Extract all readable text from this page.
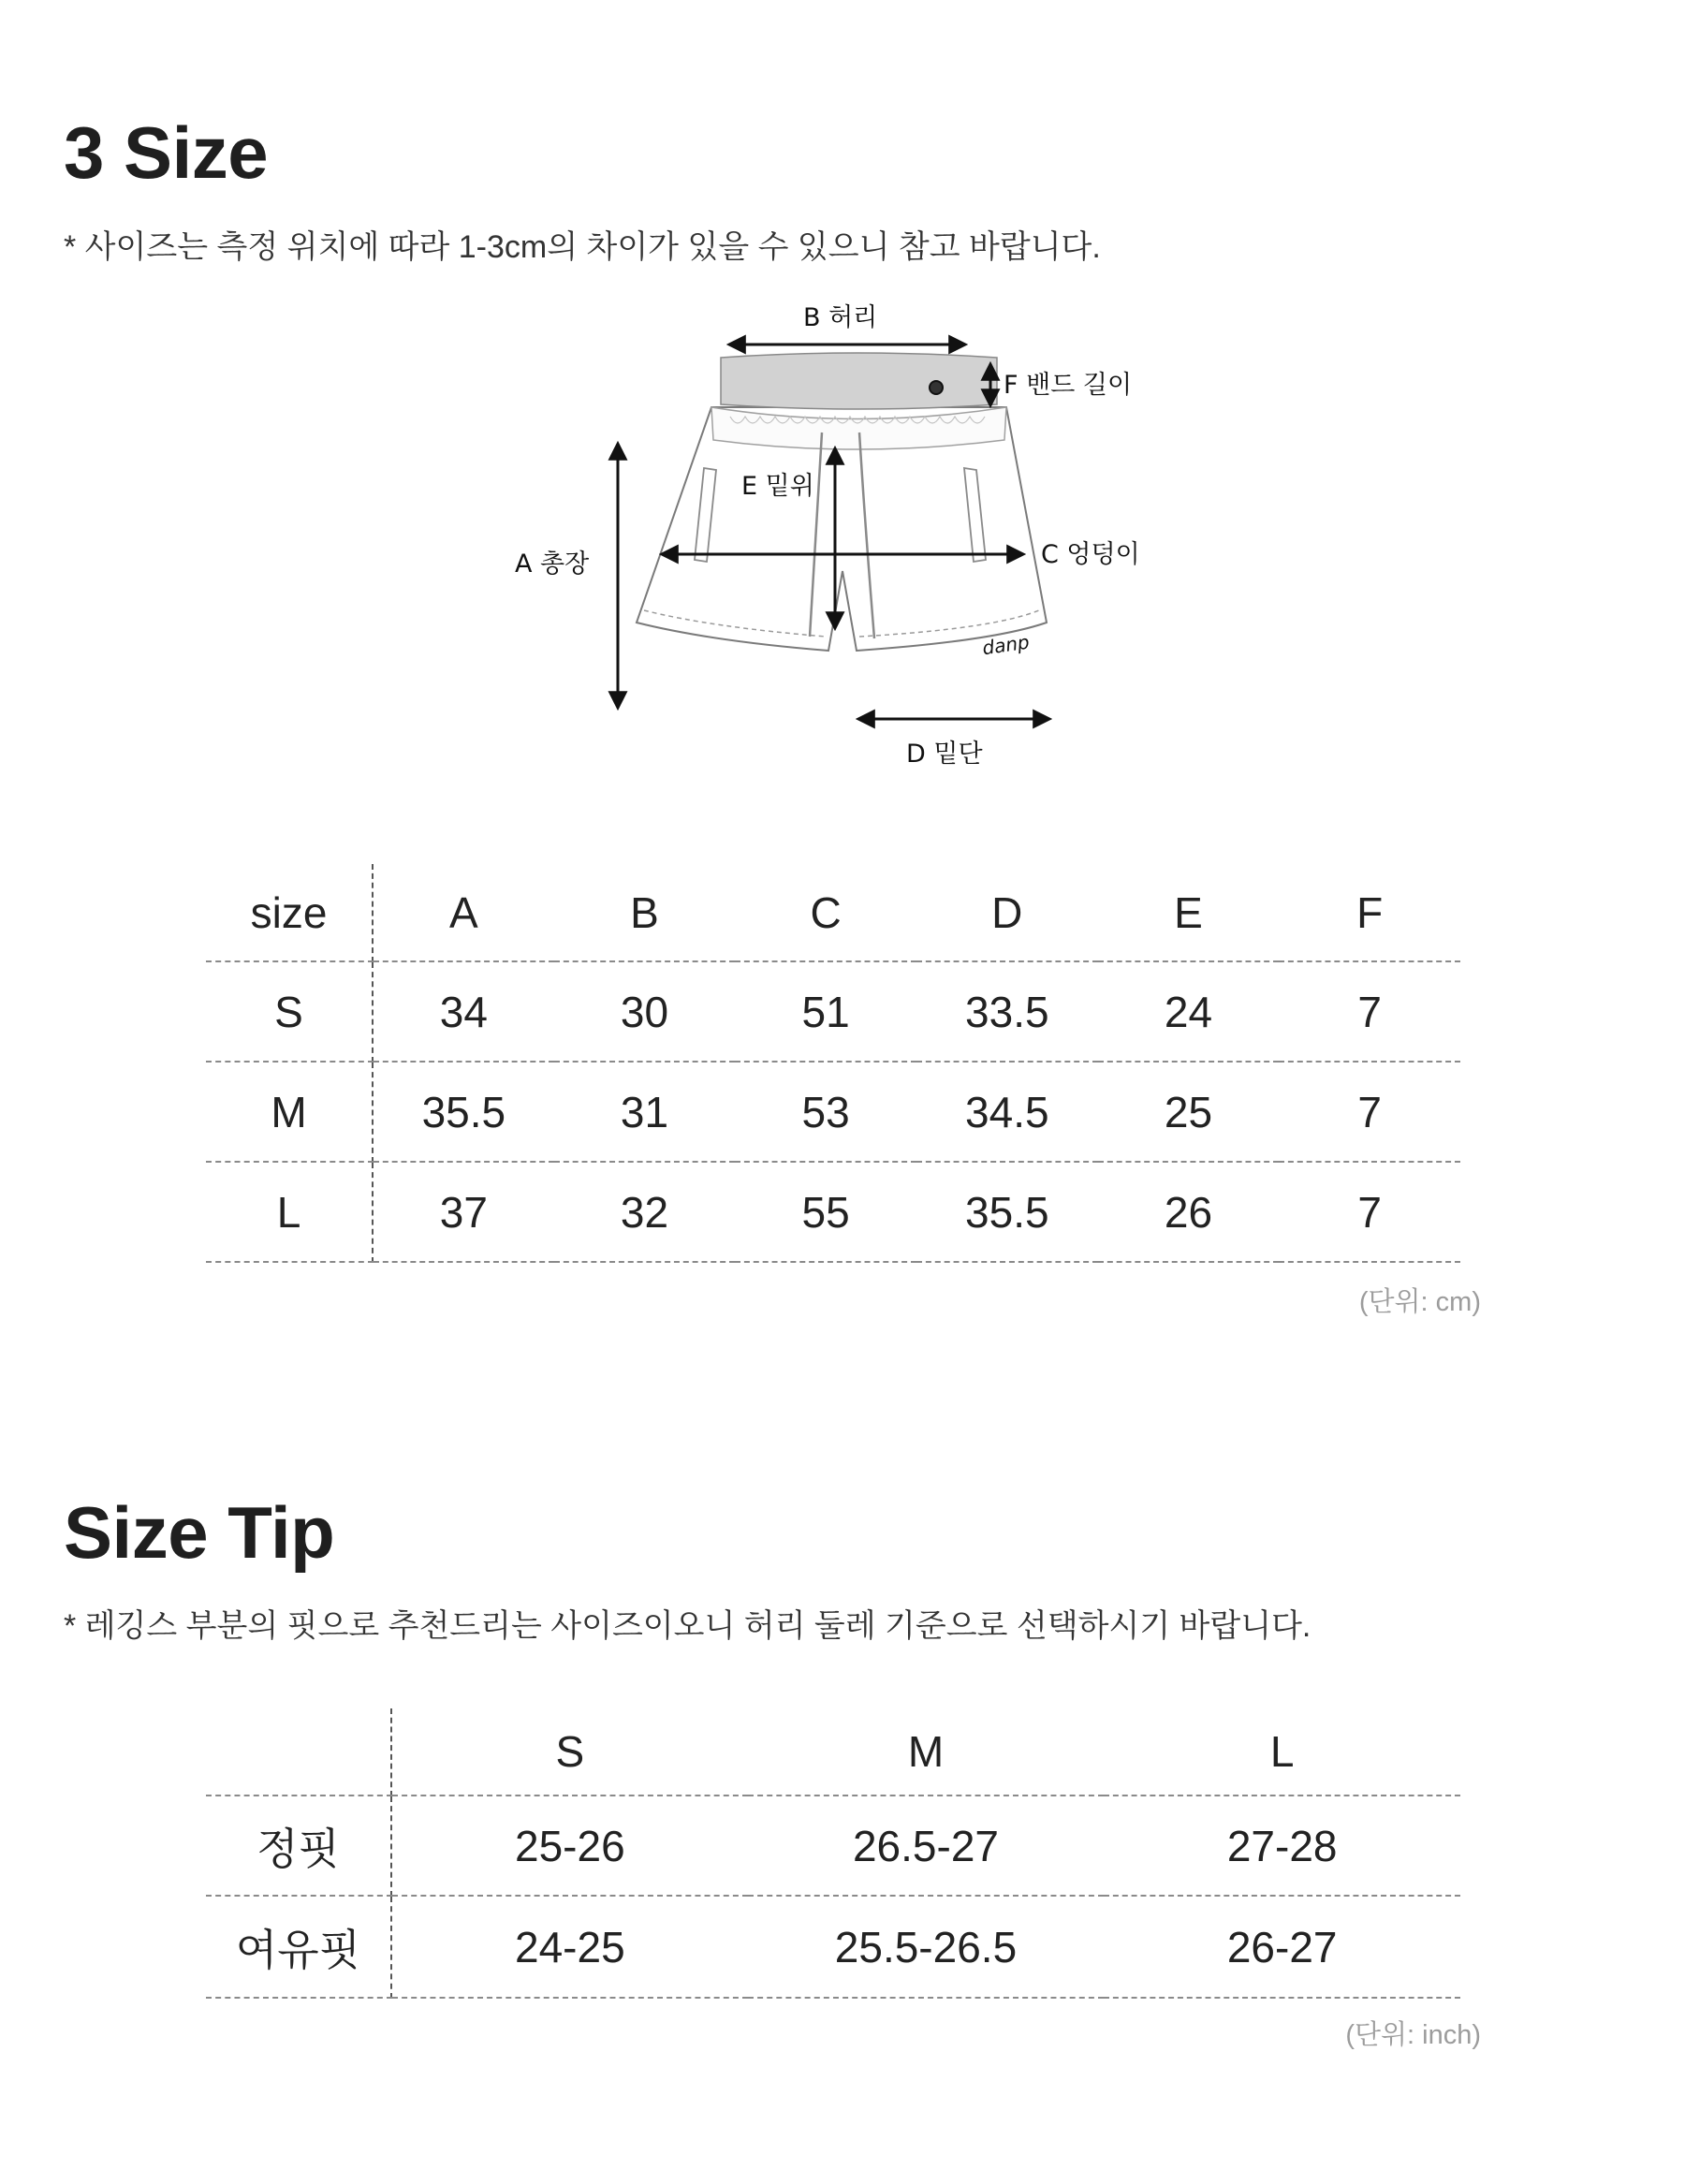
3 Size

* 사이즈는 측정 위치에 따라 1-3cm의 차이가 있을 수 있으니 참고 바랍니다.

danp
B 허리
F 밴드 길이
A 총장
E 밑위
C 엉덩이
D 밑단
size	A	B	C	D	E	F
S	34	30	51	33.5	24	7
M	35.5	31	53	34.5	25	7
L	37	32	55	35.5	26	7

(단위: cm)

Size Tip

* 레깅스 부분의 핏으로 추천드리는 사이즈이오니 허리 둘레 기준으로 선택하시기 바랍니다.

	S	M	L
정핏	25-26	26.5-27	27-28
여유핏	24-25	25.5-26.5	26-27

(단위: inch)
